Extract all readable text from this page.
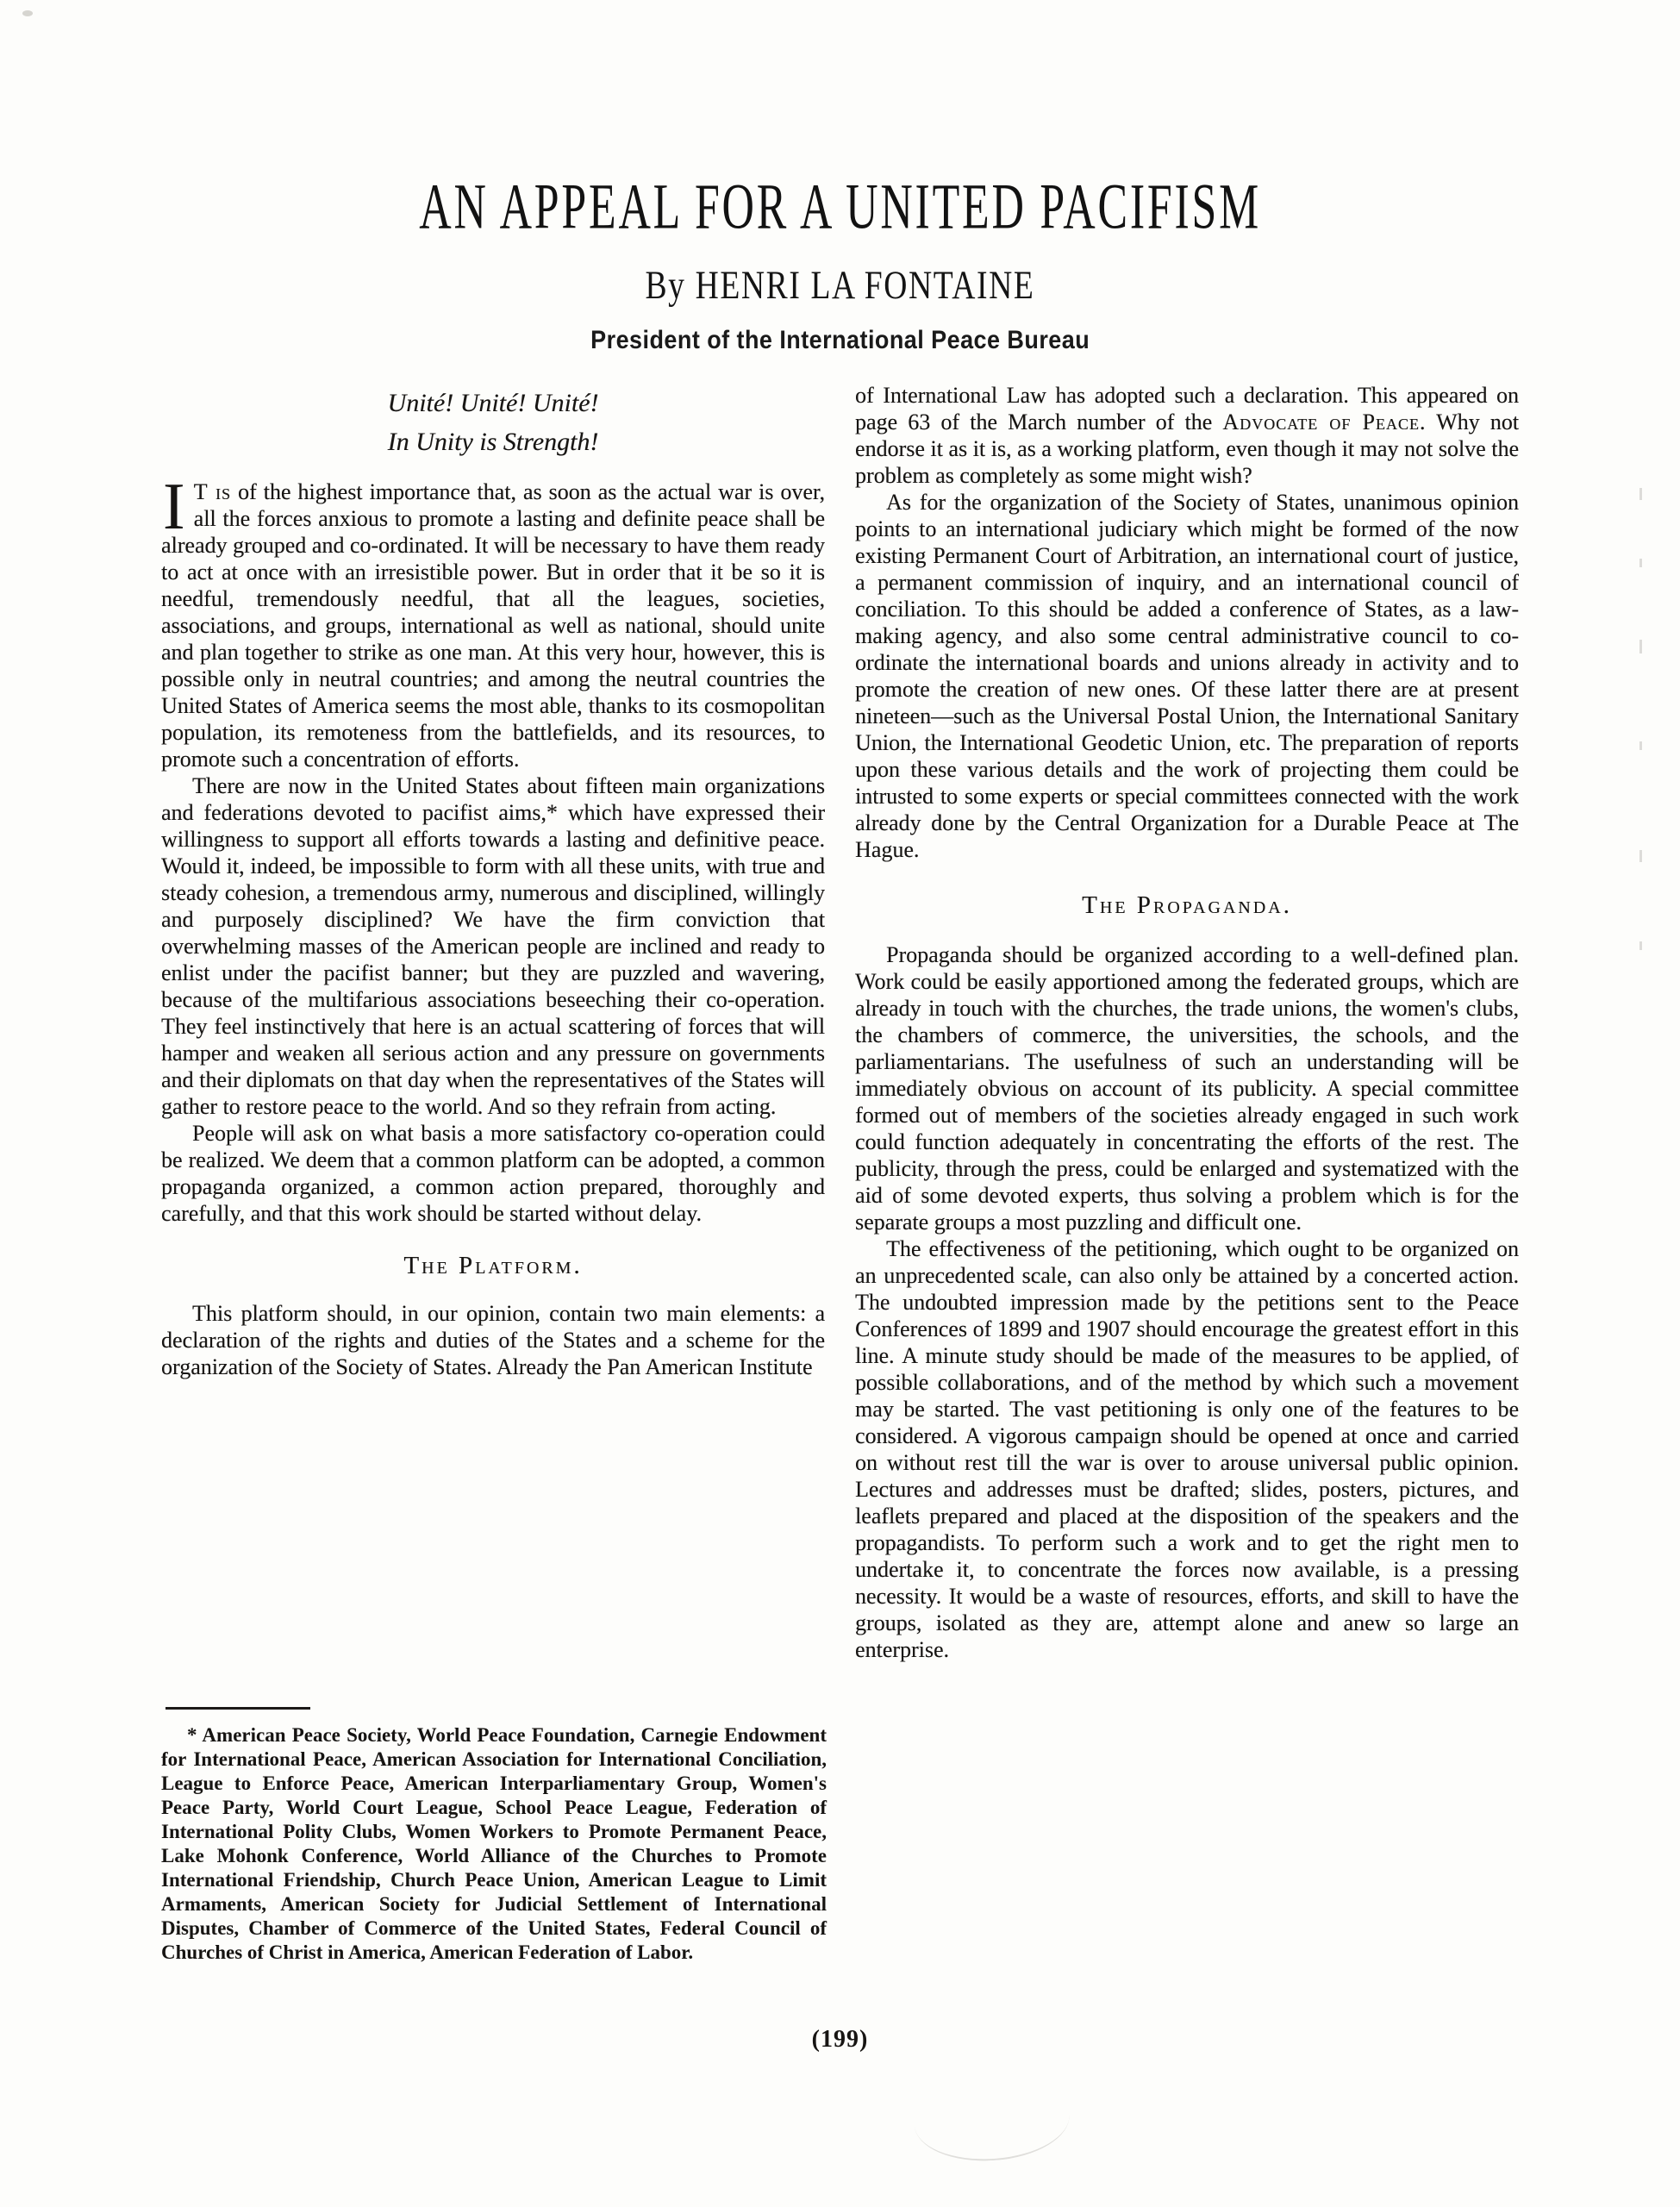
AN APPEAL FOR A UNITED PACIFISM
By HENRI LA FONTAINE
President of the International Peace Bureau
Unité! Unité! Unité!
In Unity is Strength!

I T is of the highest importance that, as soon as the actual war is over, all the forces anxious to promote a lasting and definite peace shall be already grouped and co-ordinated. It will be necessary to have them ready to act at once with an irresistible power. But in order that it be so it is needful, tremendously needful, that all the leagues, societies, associations, and groups, international as well as national, should unite and plan together to strike as one man. At this very hour, however, this is possible only in neutral countries; and among the neutral countries the United States of America seems the most able, thanks to its cosmopolitan population, its remoteness from the battlefields, and its resources, to promote such a concentration of efforts.

There are now in the United States about fifteen main organizations and federations devoted to pacifist aims,* which have expressed their willingness to support all efforts towards a lasting and definitive peace. Would it, indeed, be impossible to form with all these units, with true and steady cohesion, a tremendous army, numerous and disciplined, willingly and purposely disciplined? We have the firm conviction that overwhelming masses of the American people are inclined and ready to enlist under the pacifist banner; but they are puzzled and wavering, because of the multifarious associations beseeching their co-operation. They feel instinctively that here is an actual scattering of forces that will hamper and weaken all serious action and any pressure on governments and their diplomats on that day when the representatives of the States will gather to restore peace to the world. And so they refrain from acting.

People will ask on what basis a more satisfactory co-operation could be realized. We deem that a common platform can be adopted, a common propaganda organized, a common action prepared, thoroughly and carefully, and that this work should be started without delay.

The Platform.

This platform should, in our opinion, contain two main elements: a declaration of the rights and duties of the States and a scheme for the organization of the Society of States. Already the Pan American Institute

* American Peace Society, World Peace Foundation, Carnegie Endowment for International Peace, American Association for International Conciliation, League to Enforce Peace, American Interparliamentary Group, Women's Peace Party, World Court League, School Peace League, Federation of International Polity Clubs, Women Workers to Promote Permanent Peace, Lake Mohonk Conference, World Alliance of the Churches to Promote International Friendship, Church Peace Union, American League to Limit Armaments, American Society for Judicial Settlement of International Disputes, Chamber of Commerce of the United States, Federal Council of Churches of Christ in America, American Federation of Labor.

of International Law has adopted such a declaration. This appeared on page 63 of the March number of the Advocate of Peace. Why not endorse it as it is, as a working platform, even though it may not solve the problem as completely as some might wish?

As for the organization of the Society of States, unanimous opinion points to an international judiciary which might be formed of the now existing Permanent Court of Arbitration, an international court of justice, a permanent commission of inquiry, and an international council of conciliation. To this should be added a conference of States, as a law-making agency, and also some central administrative council to co-ordinate the international boards and unions already in activity and to promote the creation of new ones. Of these latter there are at present nineteen—such as the Universal Postal Union, the International Sanitary Union, the International Geodetic Union, etc. The preparation of reports upon these various details and the work of projecting them could be intrusted to some experts or special committees connected with the work already done by the Central Organization for a Durable Peace at The Hague.

The Propaganda.

Propaganda should be organized according to a well-defined plan. Work could be easily apportioned among the federated groups, which are already in touch with the churches, the trade unions, the women's clubs, the chambers of commerce, the universities, the schools, and the parliamentarians. The usefulness of such an understanding will be immediately obvious on account of its publicity. A special committee formed out of members of the societies already engaged in such work could function adequately in concentrating the efforts of the rest. The publicity, through the press, could be enlarged and systematized with the aid of some devoted experts, thus solving a problem which is for the separate groups a most puzzling and difficult one.

The effectiveness of the petitioning, which ought to be organized on an unprecedented scale, can also only be attained by a concerted action. The undoubted impression made by the petitions sent to the Peace Conferences of 1899 and 1907 should encourage the greatest effort in this line. A minute study should be made of the measures to be applied, of possible collaborations, and of the method by which such a movement may be started. The vast petitioning is only one of the features to be considered. A vigorous campaign should be opened at once and carried on without rest till the war is over to arouse universal public opinion. Lectures and addresses must be drafted; slides, posters, pictures, and leaflets prepared and placed at the disposition of the speakers and the propagandists. To perform such a work and to get the right men to undertake it, to concentrate the forces now available, is a pressing necessity. It would be a waste of resources, efforts, and skill to have the groups, isolated as they are, attempt alone and anew so large an enterprise.

(199)
